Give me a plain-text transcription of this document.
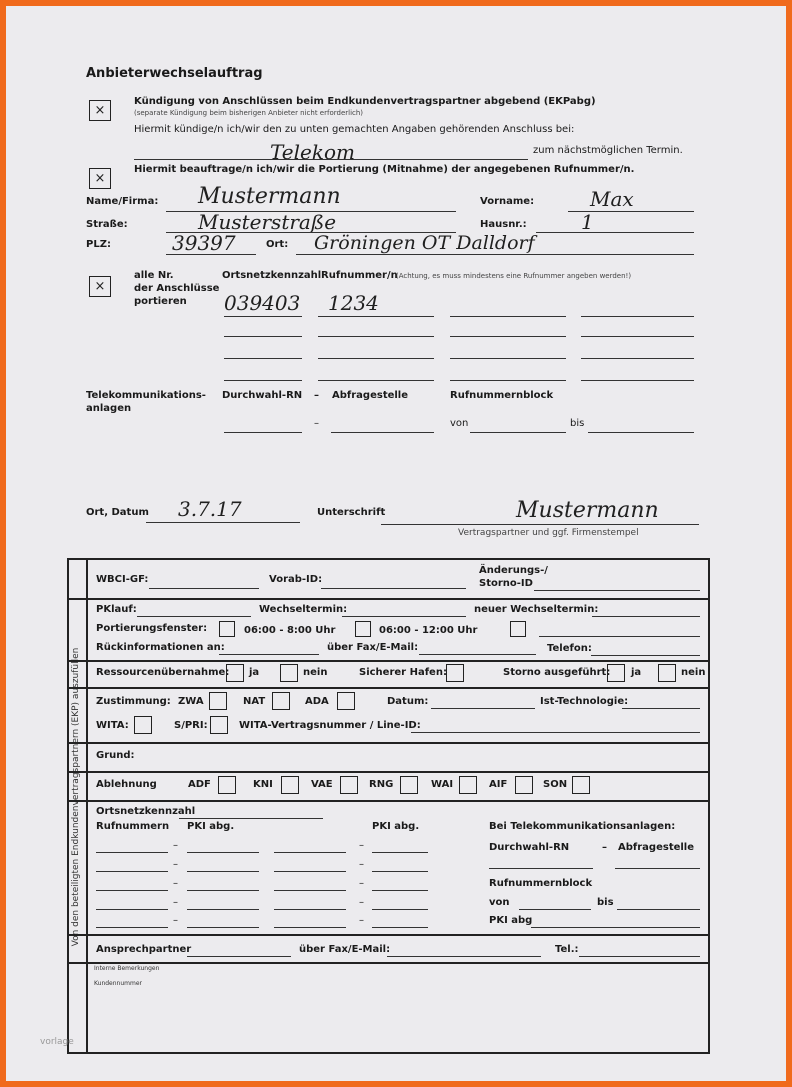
Anbieterwechselauftrag
×
Kündigung von Anschlüssen beim Endkundenvertragspartner abgebend (EKPabg)
(separate Kündigung beim bisherigen Anbieter nicht erforderlich)
Hiermit kündige/n ich/wir den zu unten gemachten Angaben gehörenden Anschluss bei:
Telekom	zum nächstmöglichen Termin.
×
Hiermit beauftrage/n ich/wir die Portierung (Mitnahme) der angegebenen Rufnummer/n.
Name/Firma: Mustermann	Vorname:	Max
Straße:	Musterstraße	Hausnr.:	1
PLZ:	39397	Ort: Gröningen OT Dalldorf
×
alle Nr.
der Anschlüsse
portieren
Ortsnetzkennzahl Rufnummer/n
(Achtung, es muss mindestens eine Rufnummer angeben werden!)
039403 1234
Telekommunikations-
anlagen
Durchwahl-RN – Abfragestelle	Rufnummernblock
–	von	bis
Ort, Datum 3.7.17	Unterschrift	Mustermann
Vertragspartner und ggf. Firmenstempel
Von den beteiligten Endkundenvertragspartnern (EKP) auszufüllen
WBCI-GF:	Vorab-ID:
Änderungs-/
Storno-ID
PKlauf:	Wechseltermin:	neuer Wechseltermin:
Portierungsfenster:	06:00 - 8:00 Uhr	06:00 - 12:00 Uhr
Rückinformationen an:	über Fax/E-Mail:	Telefon:
Ressourcenübernahme: ja	nein	Sicherer Hafen:	Storno ausgeführt: ja	nein
Zustimmung: ZWA	NAT	ADA	Datum:	Ist-Technologie:
WITA:	S/PRI:	WITA-Vertragsnummer / Line-ID:
Grund:
Ablehnung	ADF	KNI	VAE	RNG	WAI	AIF	SON
Ortsnetzkennzahl
Rufnummern PKI abg.	PKI abg.
–	–
–	–
–	–
–	–
–	–
Bei Telekommunikationsanlagen:
Durchwahl-RN	– Abfragestelle
Rufnummernblock
von	bis
PKI abg
Ansprechpartner	über Fax/E-Mail:	Tel.:
Interne Bemerkungen
Kundennummer
vorlage
